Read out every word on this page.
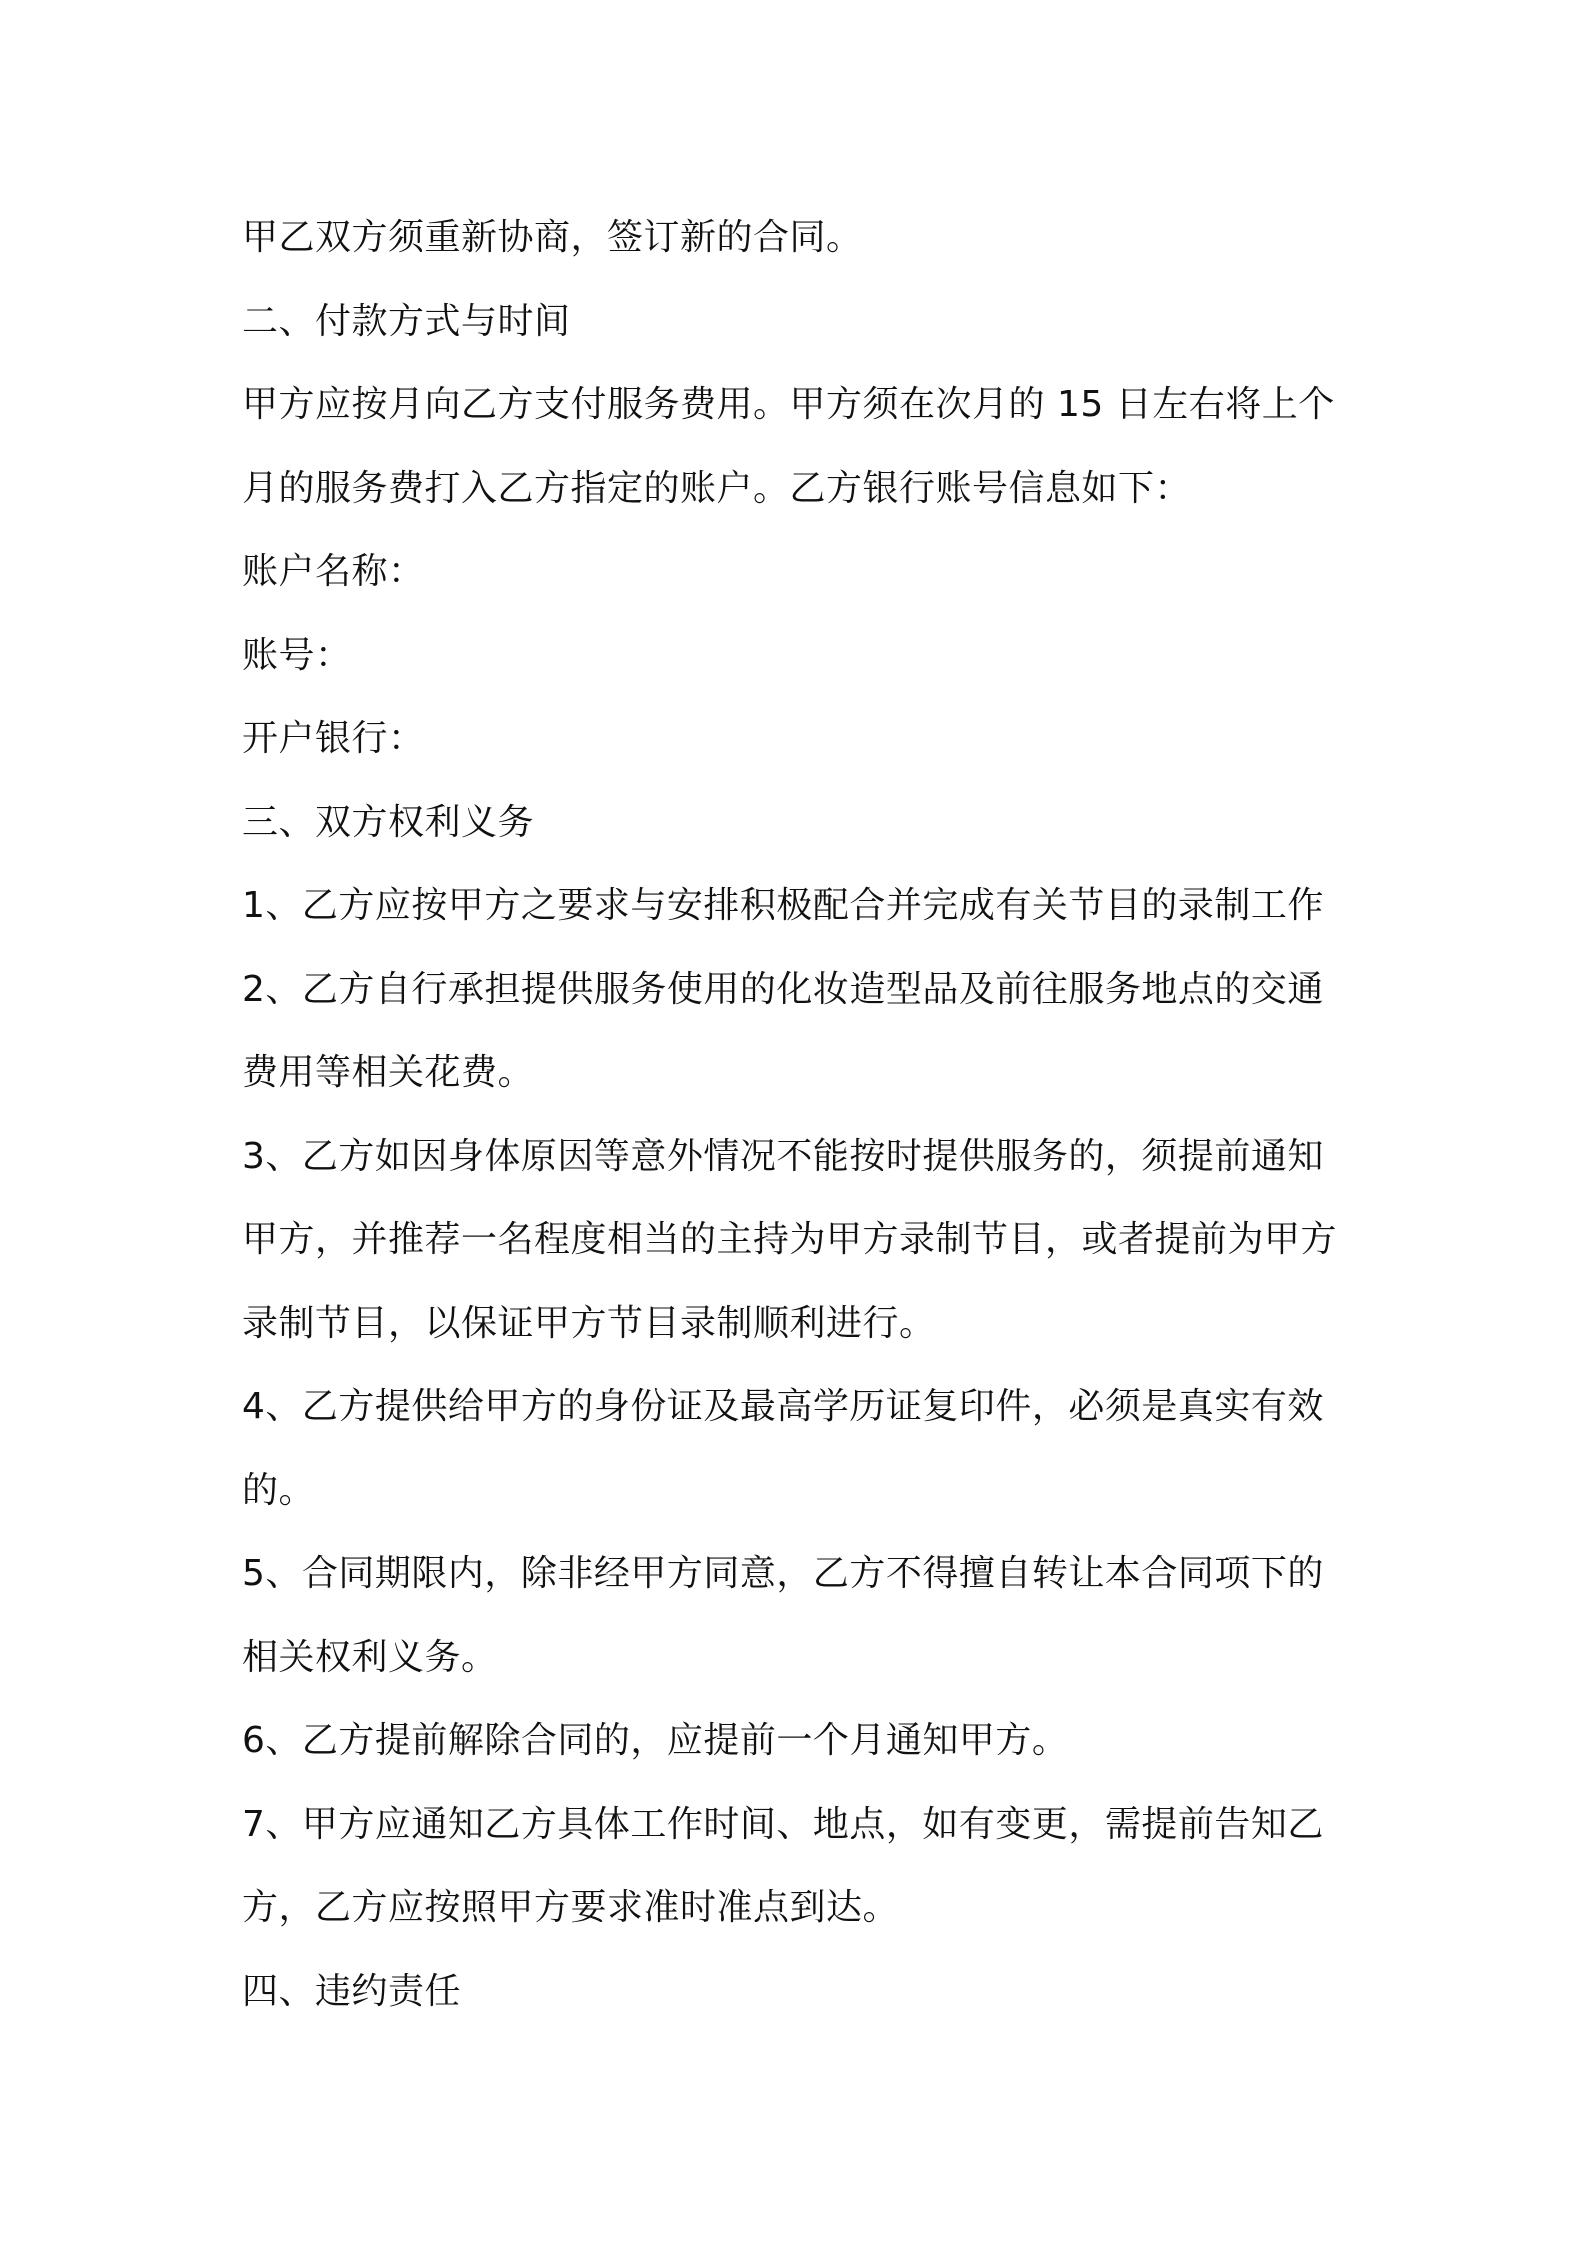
甲乙双方须重新协商，签订新的合同。

二、付款方式与时间

甲方应按月向乙方支付服务费用。甲方须在次月的 15 日左右将上个

月的服务费打入乙方指定的账户。乙方银行账号信息如下：

账户名称：

账号：

开户银行：

三、双方权利义务

1、乙方应按甲方之要求与安排积极配合并完成有关节目的录制工作

2、乙方自行承担提供服务使用的化妆造型品及前往服务地点的交通

费用等相关花费。

3、乙方如因身体原因等意外情况不能按时提供服务的，须提前通知

甲方，并推荐一名程度相当的主持为甲方录制节目，或者提前为甲方

录制节目，以保证甲方节目录制顺利进行。

4、乙方提供给甲方的身份证及最高学历证复印件，必须是真实有效

的。

5、合同期限内，除非经甲方同意，乙方不得擅自转让本合同项下的

相关权利义务。

6、乙方提前解除合同的，应提前一个月通知甲方。

7、甲方应通知乙方具体工作时间、地点，如有变更，需提前告知乙

方，乙方应按照甲方要求准时准点到达。

四、违约责任
